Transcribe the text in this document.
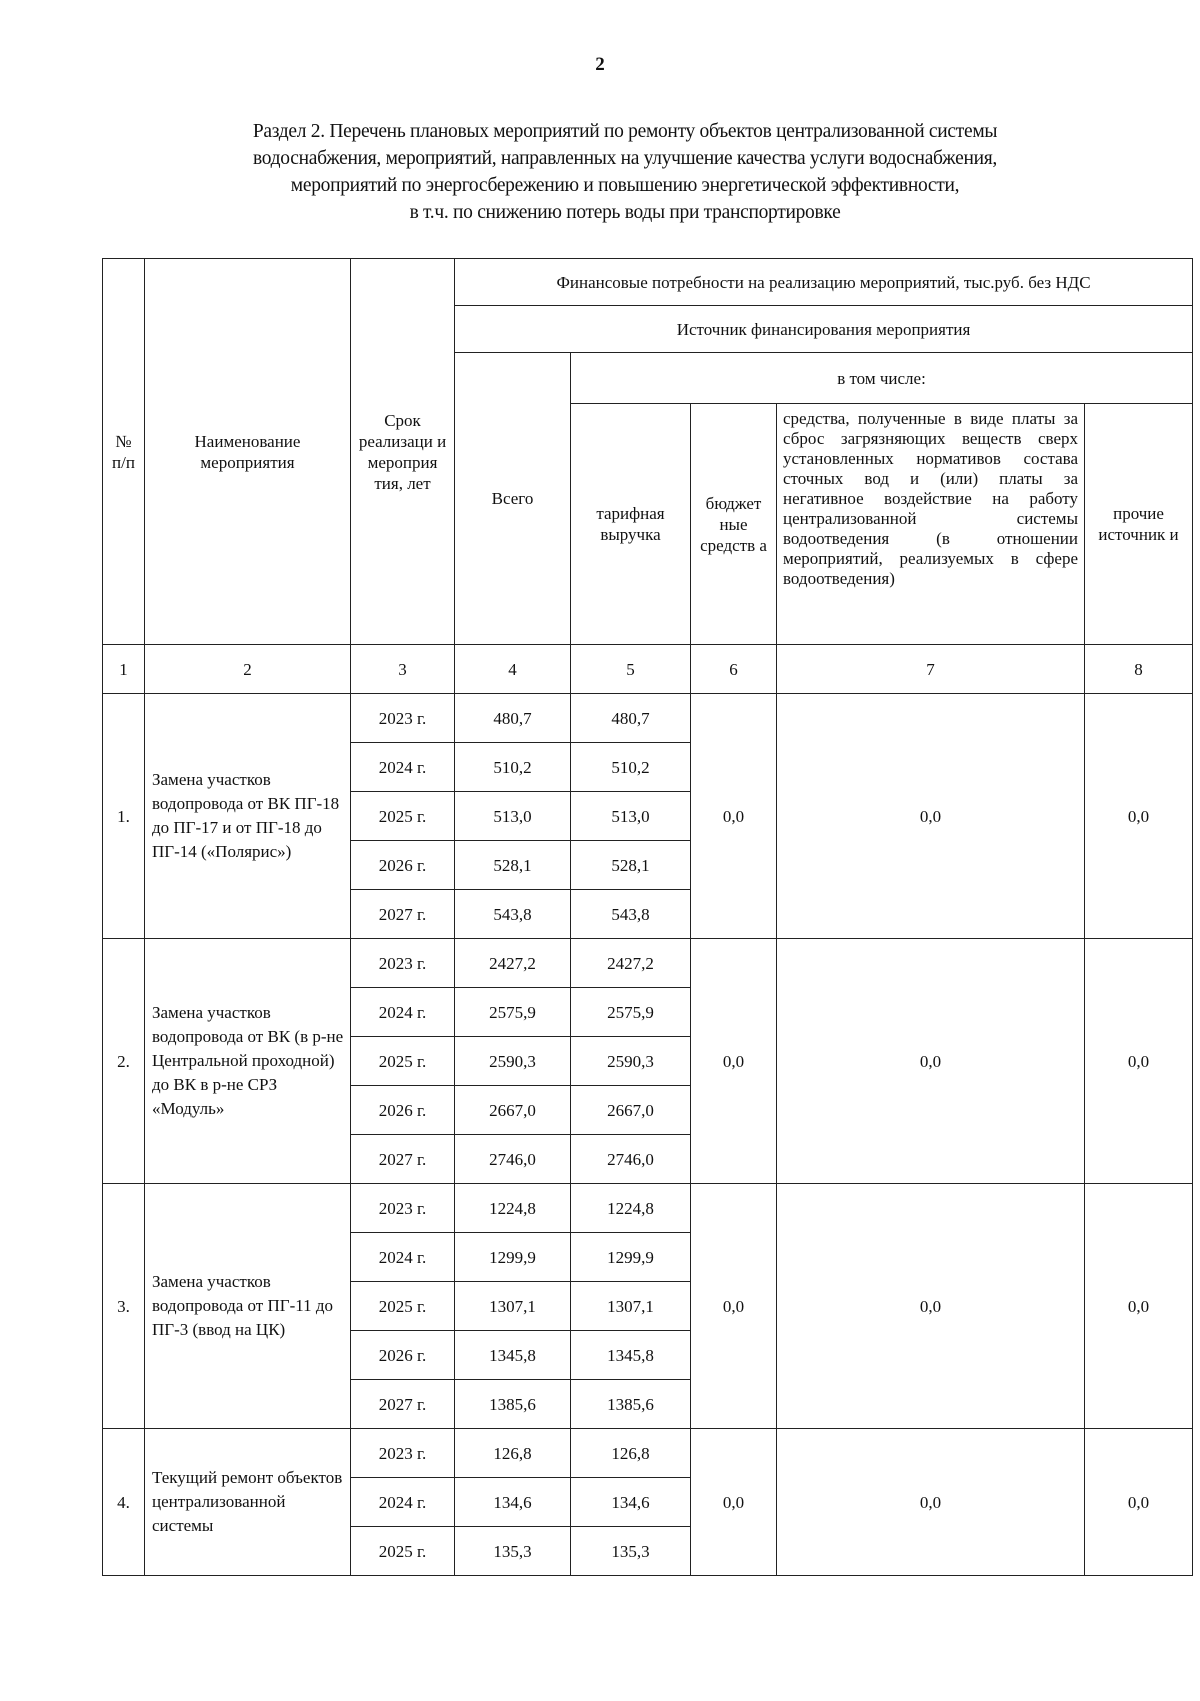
2
Раздел 2. Перечень плановых мероприятий по ремонту объектов централизованной системы
водоснабжения, мероприятий, направленных на улучшение качества услуги водоснабжения,
мероприятий по энергосбережению и повышению энергетической эффективности,
в т.ч. по снижению потерь воды при транспортировке
№ п/п	Наименование мероприятия	Срок реализаци и мероприя тия, лет	Финансовые потребности на реализацию мероприятий, тыс.руб. без НДС				
			Источник финансирования мероприятия				
			Всего	в том числе:			
				тарифная выручка	бюджет ные средств а	средства, полученные в виде платы за сброс загрязняющих веществ сверх установленных нормативов состава сточных вод и (или) платы за негативное воздействие на работу централизованной системы водоотведения (в отношении мероприятий, реализуемых в сфере водоотведения)	прочие источник и
1	2	3	4	5	6	7	8
1.	Замена участков водопровода от ВК ПГ-18 до ПГ-17 и от ПГ-18 до ПГ-14 («Полярис»)	2023 г.	480,7	480,7	0,0	0,0	0,0
		2024 г.	510,2	510,2			
		2025 г.	513,0	513,0			
		2026 г.	528,1	528,1			
		2027 г.	543,8	543,8			
2.	Замена участков водопровода от ВК (в р-не Центральной проходной) до ВК в р-не СРЗ «Модуль»	2023 г.	2427,2	2427,2	0,0	0,0	0,0
		2024 г.	2575,9	2575,9			
		2025 г.	2590,3	2590,3			
		2026 г.	2667,0	2667,0			
		2027 г.	2746,0	2746,0			
3.	Замена участков водопровода от ПГ-11 до ПГ-3 (ввод на ЦК)	2023 г.	1224,8	1224,8	0,0	0,0	0,0
		2024 г.	1299,9	1299,9			
		2025 г.	1307,1	1307,1			
		2026 г.	1345,8	1345,8			
		2027 г.	1385,6	1385,6			
4.	Текущий ремонт объектов централизованной системы	2023 г.	126,8	126,8	0,0	0,0	0,0
		2024 г.	134,6	134,6			
		2025 г.	135,3	135,3			
